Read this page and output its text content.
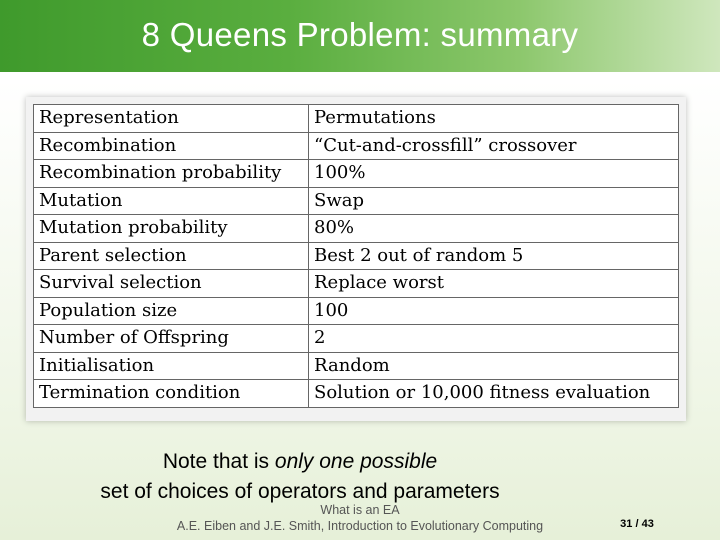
8 Queens Problem: summary
Representation	Permutations
Recombination	“Cut-and-crossfill” crossover
Recombination probability	100%
Mutation	Swap
Mutation probability	80%
Parent selection	Best 2 out of random 5
Survival selection	Replace worst
Population size	100
Number of Offspring	2
Initialisation	Random
Termination condition	Solution or 10,000 fitness evaluation
Note that is only one possible
set of choices of operators and parameters
What is an EA
A.E. Eiben and J.E. Smith, Introduction to Evolutionary Computing	31 / 43
